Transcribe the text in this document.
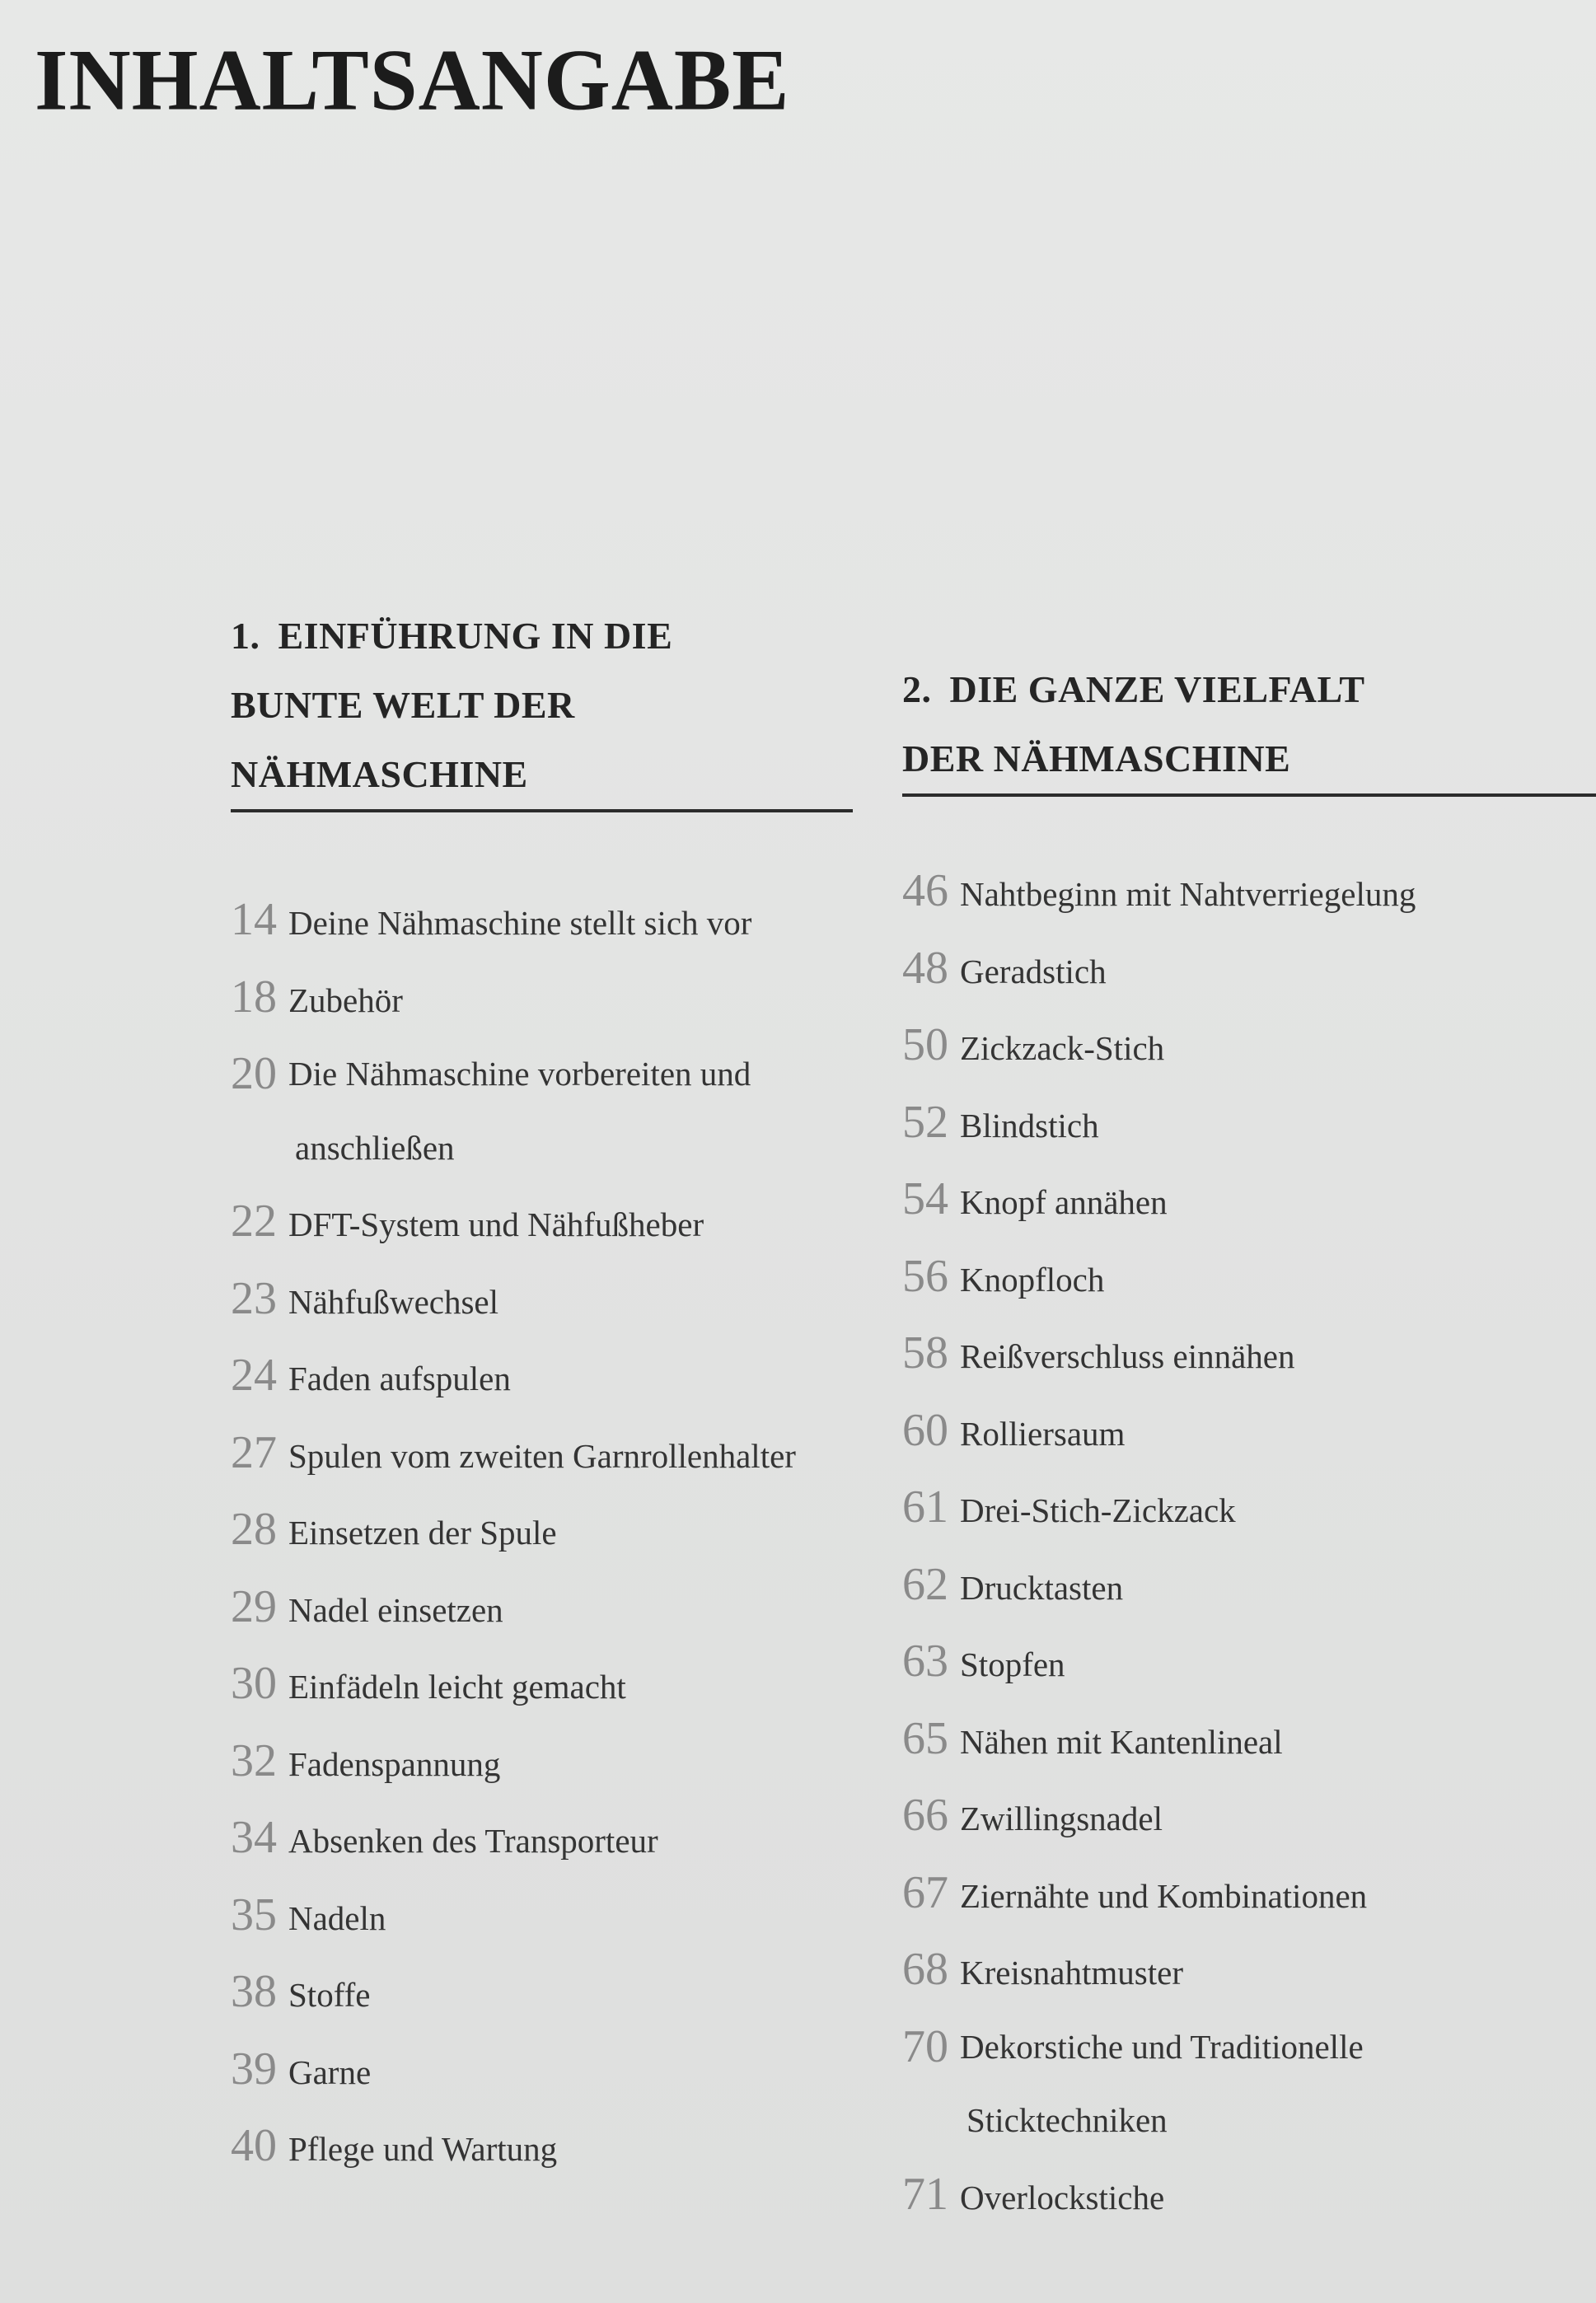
INHALTSANGABE
1. EINFÜHRUNG IN DIE
BUNTE WELT DER
NÄHMASCHINE
14 Deine Nähmaschine stellt sich vor
18 Zubehör
20 Die Nähmaschine vorbereiten und
anschließen
22 DFT-System und Nähfußheber
23 Nähfußwechsel
24 Faden aufspulen
27 Spulen vom zweiten Garnrollenhalter
28 Einsetzen der Spule
29 Nadel einsetzen
30 Einfädeln leicht gemacht
32 Fadenspannung
34 Absenken des Transporteur
35 Nadeln
38 Stoffe
39 Garne
40 Pflege und Wartung
2. DIE GANZE VIELFALT
DER NÄHMASCHINE
46 Nahtbeginn mit Nahtverriegelung
48 Geradstich
50 Zickzack-Stich
52 Blindstich
54 Knopf annähen
56 Knopfloch
58 Reißverschluss einnähen
60 Rolliersaum
61 Drei-Stich-Zickzack
62 Drucktasten
63 Stopfen
65 Nähen mit Kantenlineal
66 Zwillingsnadel
67 Ziernähte und Kombinationen
68 Kreisnahtmuster
70 Dekorstiche und Traditionelle
Sticktechniken
71 Overlockstiche
